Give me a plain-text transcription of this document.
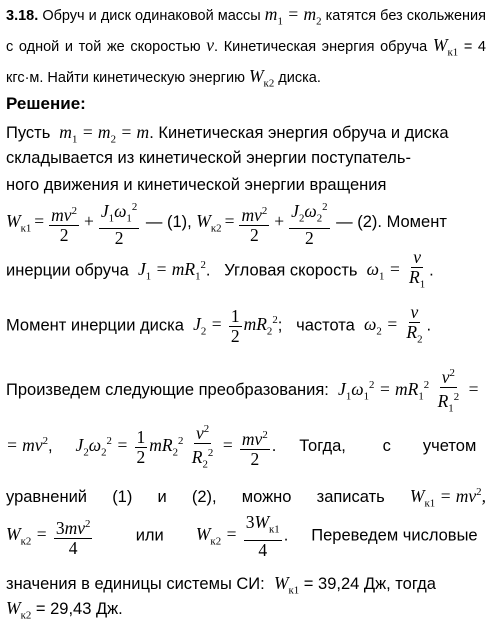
3.18. Обруч и диск одинаковой массы $m_1 = m_2$ катятся без скольжения с одной и той же скоростью v. Кинетическая энергия обруча $W_{к1} = 4$ кгс·м. Найти кинетическую энергию $W_{к2}$ диска.
Решение:
Пусть  $m_1 = m_2 = m$. Кинетическая энергия обруча и диска
складывается из кинетической энергии поступатель-
ного движения и кинетической энергии вращения
$W_{к1} = \frac{mv^2}{2} + \frac{J_1\omega_1^2}{2}$ — (1), $W_{к2} = \frac{mv^2}{2} + \frac{J_2\omega_2^2}{2}$ — (2). Момент
инерции обруча $J_1 = mR_1^2$.   Угловая скорость $\omega_1 = \frac{v}{R_1}$ .
Момент инерции диска $J_2 = \frac{1}{2} mR_2^2$;   частота $\omega_2 = \frac{v}{R_2}$ .
Произведем следующие преобразования: $J_1\omega_1^2 = mR_1^2 \frac{v^2}{R_1^2}$ =
= $mv^2$,     $J_2\omega_2^2 = \frac{1}{2} mR_2^2 \frac{v^2}{R_2^2} = \frac{mv^2}{2}$ .     Тогда, с учетом
уравнений (1) и (2), можно записать $W_{к1} = mv^2$,
$W_{к2} = \frac{3mv^2}{4}$	или $W_{к2} = \frac{3W_{к1}}{4}$ .     Переведем числовые
значения в единицы системы СИ: $W_{к1} = 39,24$ Дж, тогда
$W_{к2} = 29,43$ Дж.
